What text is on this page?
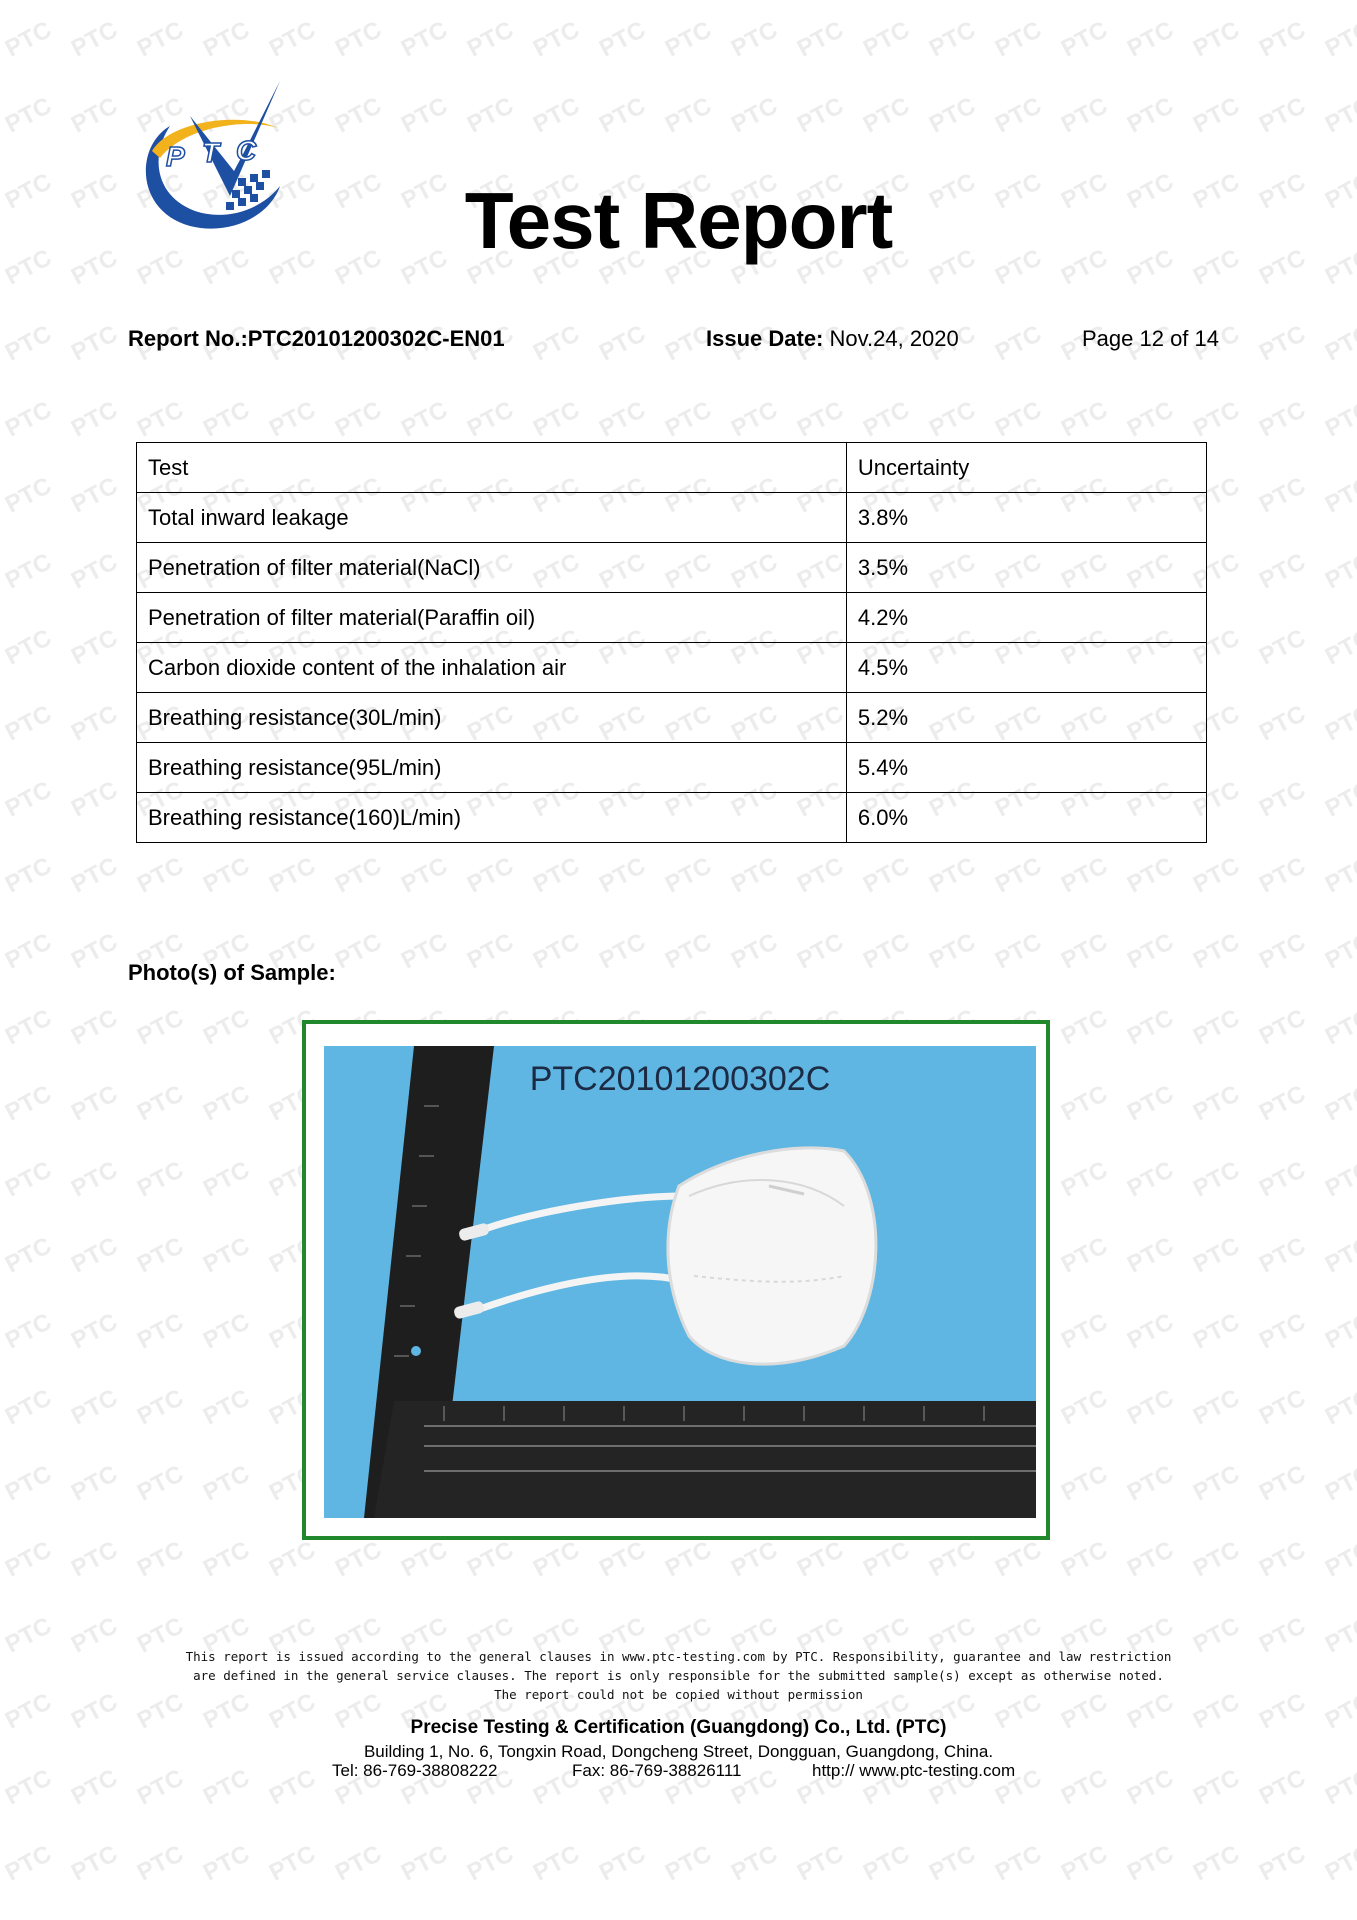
P T C
Test Report
Report No.:PTC20101200302C-EN01	Issue Date: Nov.24, 2020	Page 12 of 14
Test	Uncertainty
Total inward leakage	3.8%
Penetration of filter material(NaCl)	3.5%
Penetration of filter material(Paraffin oil)	4.2%
Carbon dioxide content of the inhalation air	4.5%
Breathing resistance(30L/min)	5.2%
Breathing resistance(95L/min)	5.4%
Breathing resistance(160)L/min)	6.0%
Photo(s) of Sample:
PTC20101200302C
This report is issued according to the general clauses in www.ptc-testing.com by PTC. Responsibility, guarantee and law restriction
are defined in the general service clauses. The report is only responsible for the submitted sample(s) except as otherwise noted.
The report could not be copied without permission
Precise Testing & Certification (Guangdong) Co., Ltd. (PTC)
Building 1, No. 6, Tongxin Road, Dongcheng Street, Dongguan, Guangdong, China.
Tel: 86-769-38808222	Fax: 86-769-38826111	http:// www.ptc-testing.com
